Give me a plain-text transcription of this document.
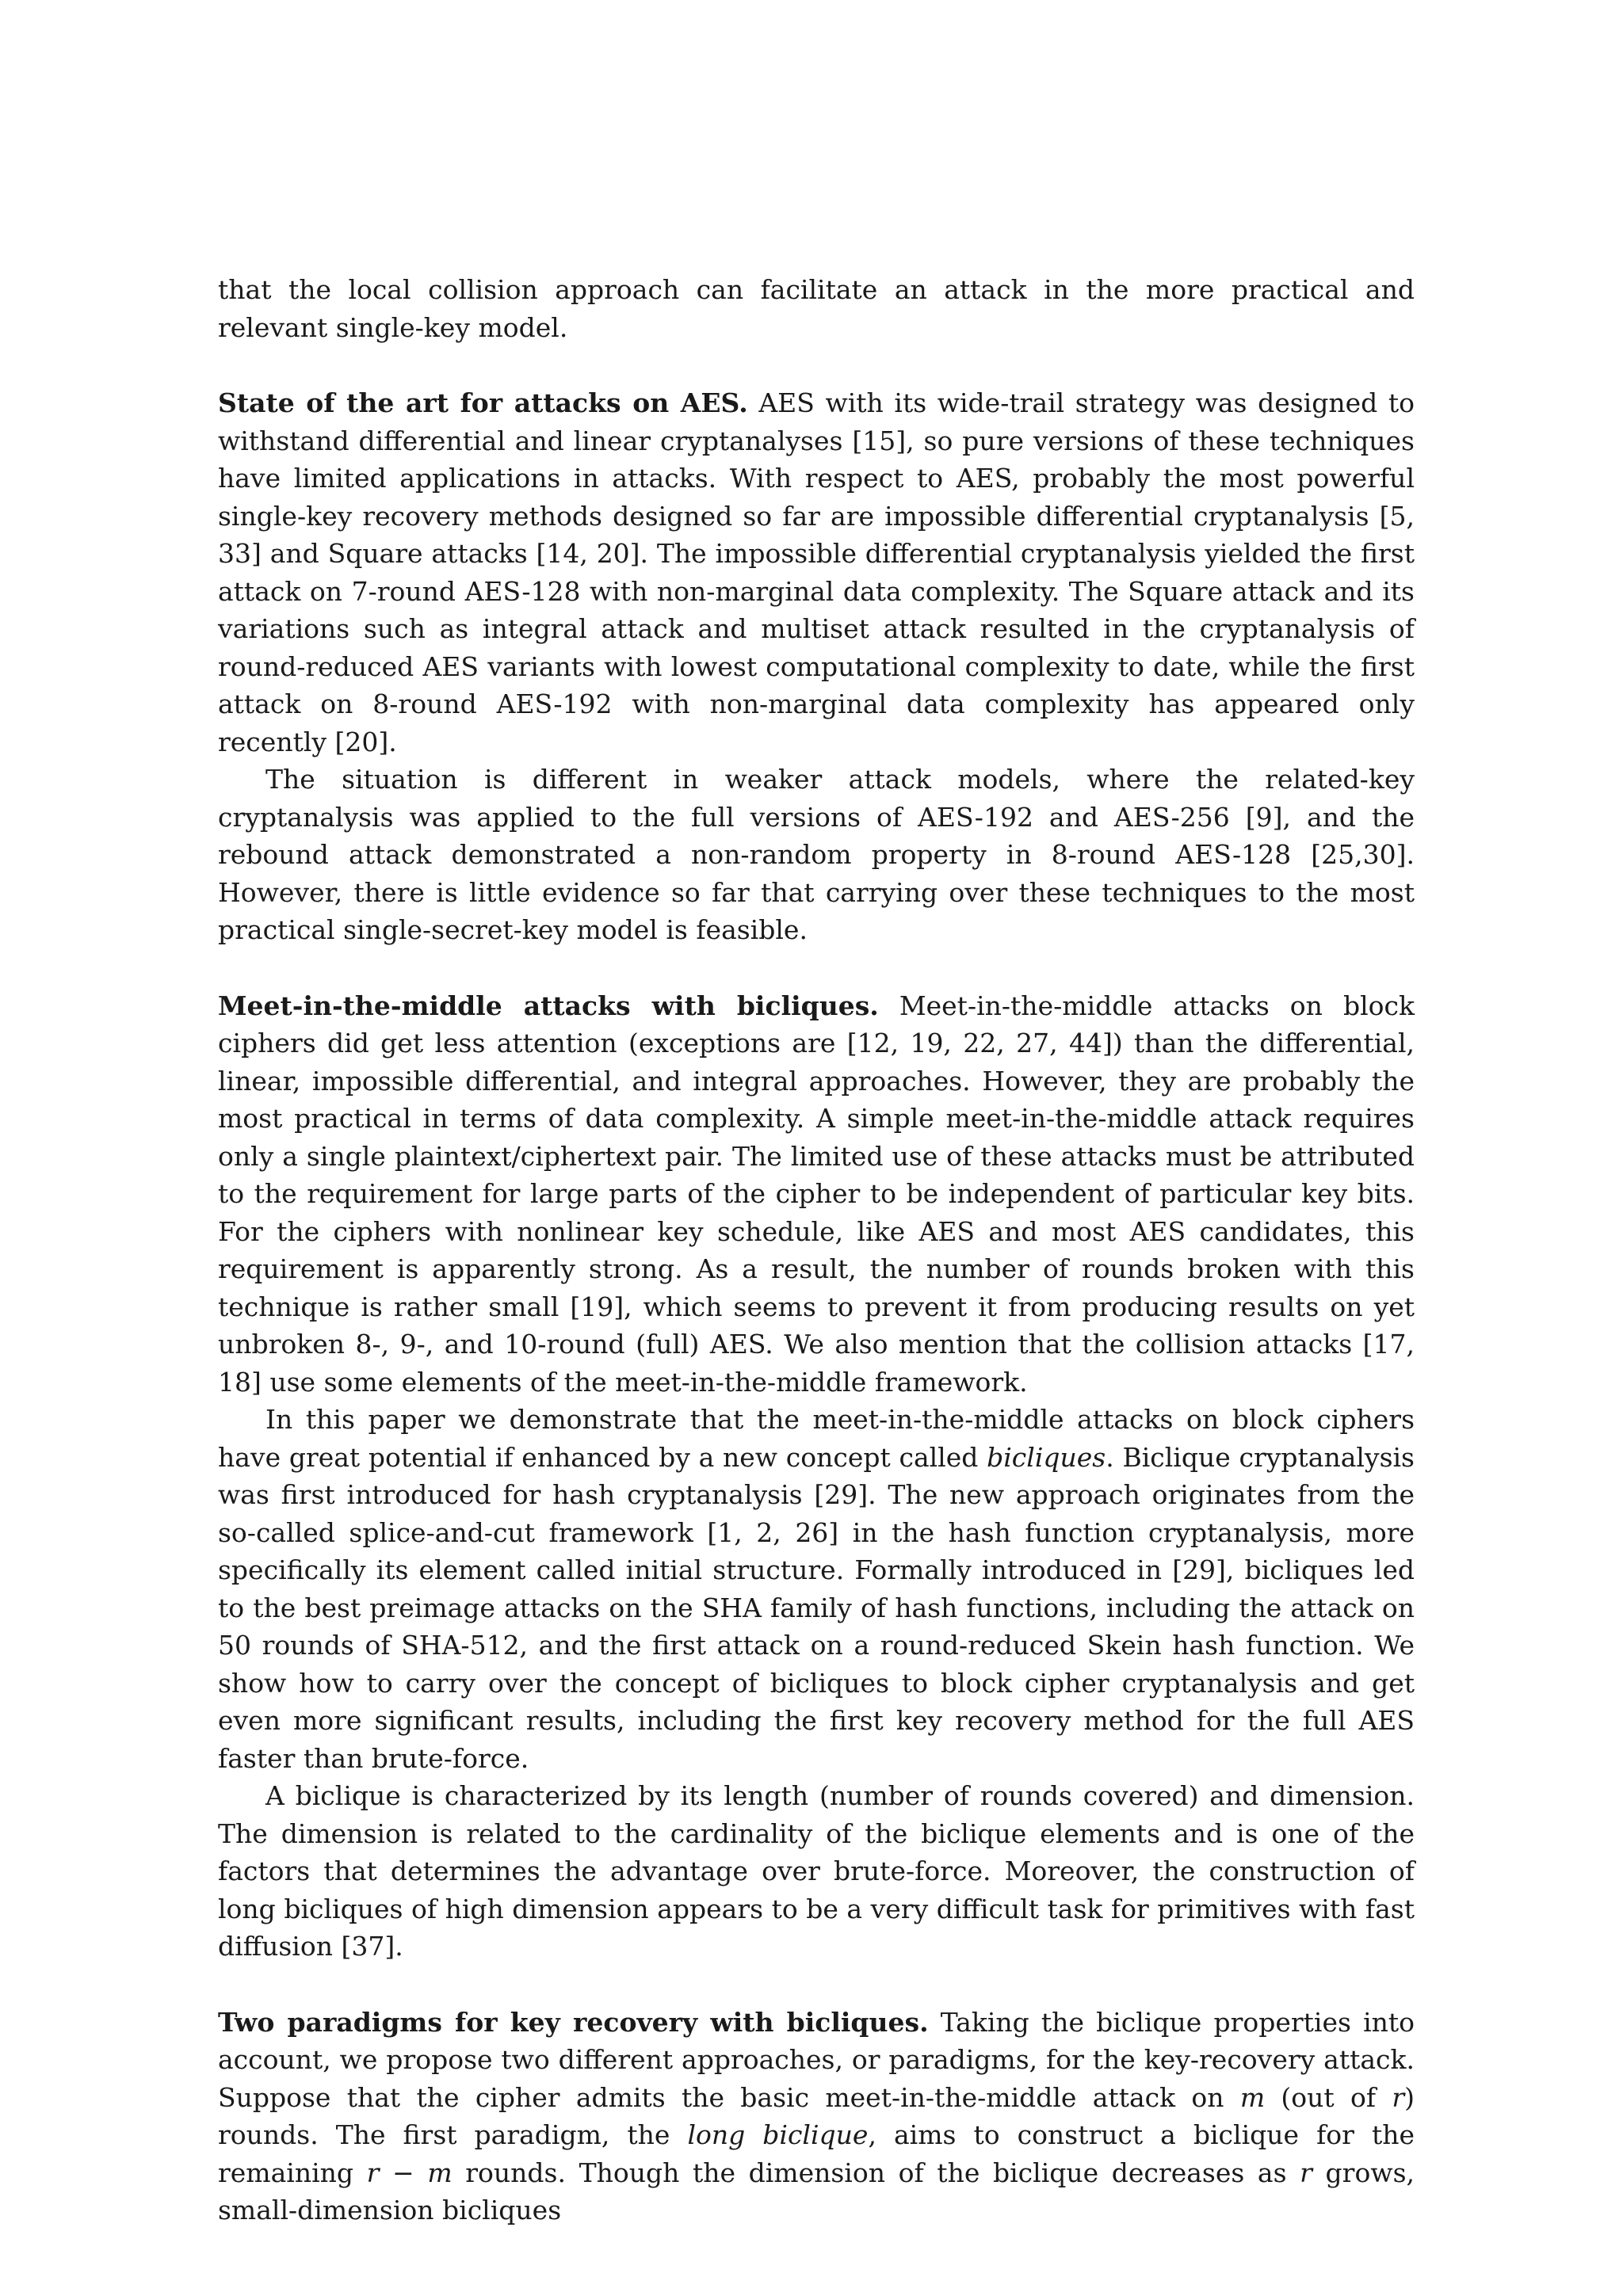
that the local collision approach can facilitate an attack in the more practical and relevant single-key model.

State of the art for attacks on AES. AES with its wide-trail strategy was designed to withstand differential and linear cryptanalyses [15], so pure versions of these techniques have limited applications in attacks. With respect to AES, probably the most powerful single-key recovery methods designed so far are impossible differential cryptanalysis [5, 33] and Square attacks [14, 20]. The impossible differential cryptanalysis yielded the first attack on 7-round AES-128 with non-marginal data complexity. The Square attack and its variations such as integral attack and multiset attack resulted in the cryptanalysis of round-reduced AES variants with lowest computational complexity to date, while the first attack on 8-round AES-192 with non-marginal data complexity has appeared only recently [20].

The situation is different in weaker attack models, where the related-key cryptanalysis was applied to the full versions of AES-192 and AES-256 [9], and the rebound attack demonstrated a non-random property in 8-round AES-128 [25,30]. However, there is little evidence so far that carrying over these techniques to the most practical single-secret-key model is feasible.

Meet-in-the-middle attacks with bicliques. Meet-in-the-middle attacks on block ciphers did get less attention (exceptions are [12, 19, 22, 27, 44]) than the differential, linear, impossible differential, and integral approaches. However, they are probably the most practical in terms of data complexity. A simple meet-in-the-middle attack requires only a single plaintext/ciphertext pair. The limited use of these attacks must be attributed to the requirement for large parts of the cipher to be independent of particular key bits. For the ciphers with nonlinear key schedule, like AES and most AES candidates, this requirement is apparently strong. As a result, the number of rounds broken with this technique is rather small [19], which seems to prevent it from producing results on yet unbroken 8-, 9-, and 10-round (full) AES. We also mention that the collision attacks [17, 18] use some elements of the meet-in-the-middle framework.

In this paper we demonstrate that the meet-in-the-middle attacks on block ciphers have great potential if enhanced by a new concept called bicliques. Biclique cryptanalysis was first introduced for hash cryptanalysis [29]. The new approach originates from the so-called splice-and-cut framework [1, 2, 26] in the hash function cryptanalysis, more specifically its element called initial structure. Formally introduced in [29], bicliques led to the best preimage attacks on the SHA family of hash functions, including the attack on 50 rounds of SHA-512, and the first attack on a round-reduced Skein hash function. We show how to carry over the concept of bicliques to block cipher cryptanalysis and get even more significant results, including the first key recovery method for the full AES faster than brute-force.

A biclique is characterized by its length (number of rounds covered) and dimension. The dimension is related to the cardinality of the biclique elements and is one of the factors that determines the advantage over brute-force. Moreover, the construction of long bicliques of high dimension appears to be a very difficult task for primitives with fast diffusion [37].

Two paradigms for key recovery with bicliques. Taking the biclique properties into account, we propose two different approaches, or paradigms, for the key-recovery attack. Suppose that the cipher admits the basic meet-in-the-middle attack on m (out of r) rounds. The first paradigm, the long biclique, aims to construct a biclique for the remaining r − m rounds. Though the dimension of the biclique decreases as r grows, small-dimension bicliques
